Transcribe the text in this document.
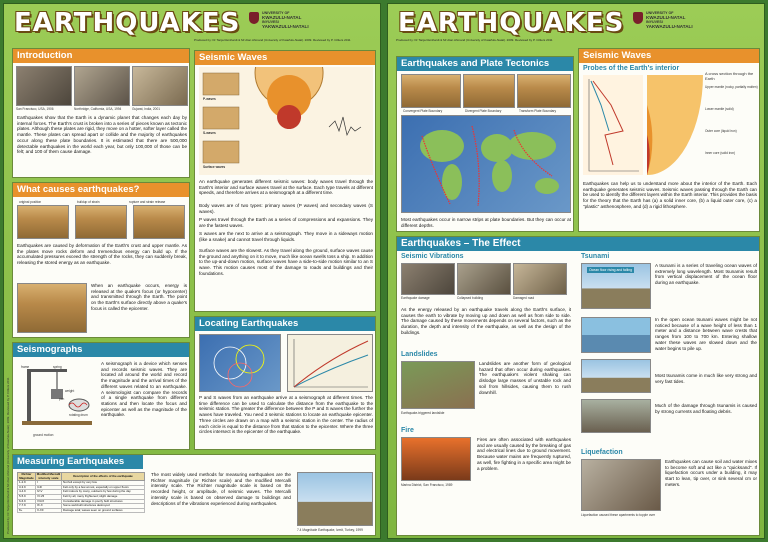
Produced by: Dr Tanja Reinhardt & Mr Alan Ahmand (University of KwaZulu-Natal). 2009. Reviewed by P. Cilliers 2011
EARTHQUAKES	UNIVERSITY OF
KWAZULU-NATAL
INYUVESI
YAKWAZULU-NATALI
Produced by: Dr Tanja Reinhardt & Mr Alan Ahmand (University of KwaZulu-Natal). 2009. Reviewed by P. Cilliers 2011
Introduction
San Francisco, USA, 1906	Northridge, California, USA, 1994	Gujarat, India, 2001
Earthquakes show that the Earth is a dynamic planet that changes each day by internal forces. The Earth's crust is broken into a series of pieces known as tectonic plates. Although these plates are rigid, they move on a hotter, softer layer called the mantle. These plates can spread apart or collide and the majority of earthquakes occur along these plate boundaries. It is estimated that there are 500,000 detectable earthquakes in the world each year, but only 100,000 of those can be felt; and 100 of them cause damage.
What causes earthquakes?
original position	buildup of strain	rupture and strain release
Earthquakes are caused by deformation of the Earth's crust and upper mantle. As the plates move rocks deform and tremendous energy can build up. If the accumulated pressures exceed the strength of the rocks, they can suddenly break, releasing the stored energy as an earthquake.
When an earthquake occurs, energy is released at the quake's focus (or hypocenter) and transmitted through the Earth. The point on the Earth's surface directly above a quake's focus is called the epicenter.
Seismographs
spring
frame
weight
pen
rotating drum
ground motion
A seismograph is a device which senses and records seismic waves. They are located all around the world and record the magnitude and the arrival times of the different waves related to an earthquake. A seismologist can compare the records of a single earthquake from different stations and then locate the focus and epicenter as well as the magnitude of the earthquake.
Measuring Earthquakes
Richter Magnitude	Modified Mercalli intensity scale	Description of the effects of the earthquake
1-2.9	I	Not felt except by very few
3-3.9	II-III	Felt only by a few at rest, especially on upper floors
4-4.9	IV-V	Felt indoors by many, outdoors by few during the day
5-5.9	VI-VII	Felt by all, many frightened; slight damage
6-6.9	VII-IX	Considerable damage in poorly built structures
7-7.9	IX-X	Some well-built structures destroyed
8+	X-XII	Damage total; waves seen on ground surfaces
The most widely used methods for measuring earthquakes are the Richter magnitude (or Richter scale) and the modified Mercalli intensity scale. The Richter magnitude scale is based on the recorded height, or amplitude, of seismic waves. The Mercalli intensity scale is based on observed damage to buildings and descriptions of the vibrations experienced during earthquakes.
7.4 Magnitude Earthquake, Izmit, Turkey, 1999
Seismic Waves
P-waves
S-waves
Surface waves
An earthquake generates different seismic waves: body waves travel through the Earth's interior and surface waves travel at the surface. Each type travels at different speeds, and therefore arrives at a seismograph at a different time.
Body waves are of two types: primary waves (P waves) and secondary waves (S waves).
P waves travel through the Earth as a series of compressions and expansions. They are the fastest waves.
S waves are the next to arrive at a seismograph. They move in a sideways motion (like a snake) and cannot travel through liquids.
Surface waves are the slowest. As they travel along the ground, surface waves cause the ground and anything on it to move, much like ocean swells toss a ship. In addition to the up-and-down motion, surface waves have a side-to-side motion similar to an S wave. This motion causes most of the damage to roads and buildings and their foundations.
Locating Earthquakes
P and S waves from an earthquake arrive at a seismograph at different times. The time difference can be used to calculate the distance from the earthquake to the seismic station. The greater the difference between the P and S waves the further the waves have traveled. You need 3 seismic stations to locate an earthquake epicenter. Three circles are drawn on a map with a seismic station in the center. The radius of each circle is equal to the distance from that station to the epicenter. Where the three circles intersect is the epicenter of the earthquake.
EARTHQUAKES	UNIVERSITY OF
KWAZULU-NATAL
INYUVESI
YAKWAZULU-NATALI
Produced by: Dr Tanja Reinhardt & Mr Alan Ahmand (University of KwaZulu-Natal). 2009. Reviewed by P. Cilliers 2011
Earthquakes and Plate Tectonics
Convergent Plate Boundary	Divergent Plate Boundary	Transform Plate Boundary
Most earthquakes occur in narrow strips at plate boundaries. But they can occur at different depths.
Seismic Waves
Probes of the Earth's interior
A cross section through the Earth
Upper mantle (rocky, partially molten)
Lower mantle (solid)
Outer core (liquid iron)
Inner core (solid iron)
Earthquakes can help us to understand more about the interior of the Earth. Each earthquake generates seismic waves. Seismic waves passing through the Earth can be used to identify the different layers within the Earth interior. This provides the basis for the theory that the Earth has (a) a solid inner core, (b) a liquid outer core, (c) a "plastic" asthenosphere, and (d) a rigid lithosphere.
Earthquakes – The Effect
Seismic Vibrations
Earthquake damage	Collapsed building	Damaged road
As the energy released by an earthquake travels along the Earth's surface, it causes the earth to vibrate by moving up and down as well as from side to side. The damage caused by these movements depends on several factors, such as the duration, the depth and intensity of the earthquake, as well as the design of the buildings.
Landslides
Earthquake-triggered landslide
Landslides are another form of geological hazard that often occur during earthquakes. The earthquake's violent shaking can dislodge large masses of unstable rock and soil from hillsides, causing them to rush downhill.
Fire
Marina District, San Francisco, 1989
Fires are often associated with earthquakes and are usually caused by the breaking of gas and electrical lines due to ground movement. Because water mains are frequently ruptured, as well, fire fighting in a specific area might be a problem.
Tsunami
Ocean floor rising and falling
A tsunami is a series of traveling ocean waves of extremely long wavelength. Most tsunamis result from vertical displacement of the ocean floor during an earthquake.
In the open ocean tsunami waves might be not noticed because of a wave height of less than 1 meter and a distance between wave crests that ranges from 100 to 700 km. Entering shallow water these waves are slowed down and the water begins to pile up.
Most tsunamis come in much like very strong and very fast tides.
Much of the damage through tsunamis is caused by strong currents and floating debris.
Liquefaction
Liquefaction caused these apartments to topple over
Earthquakes can cause soil and water mixes to become soft and act like a "quicksand". If liquefaction occurs under a building, it may start to lean, tip over, or sink several cm or meters.
